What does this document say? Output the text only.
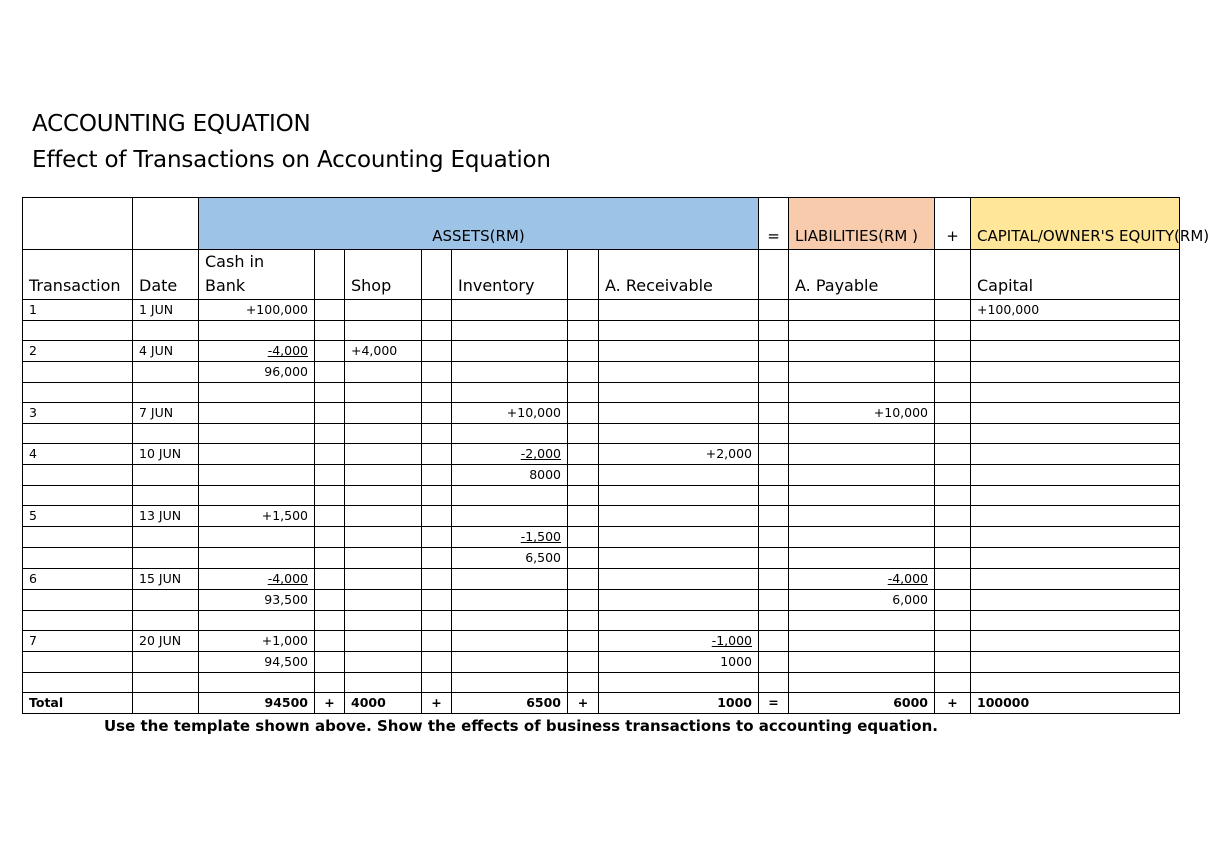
ACCOUNTING EQUATION
Effect of Transactions on Accounting Equation
		ASSETS(RM)							=	LIABILITIES(RM )	+	CAPITAL/OWNER'S EQUITY(RM)
Transaction	Date	Cash in Bank		Shop		Inventory		A. Receivable		A. Payable		Capital
1	1 JUN	+100,000										+100,000

2	4 JUN	-4,000		+4,000								
		96,000										

3	7 JUN					+10,000				+10,000		

4	10 JUN					-2,000		+2,000				
						8000						

5	13 JUN	+1,500										
						-1,500						
						6,500						
6	15 JUN	-4,000								-4,000		
		93,500								6,000		

7	20 JUN	+1,000						-1,000				
		94,500						1000				

Total		94500	+	4000	+	6500	+	1000	=	6000	+	100000
Use the template shown above. Show the effects of business transactions to accounting equation.
